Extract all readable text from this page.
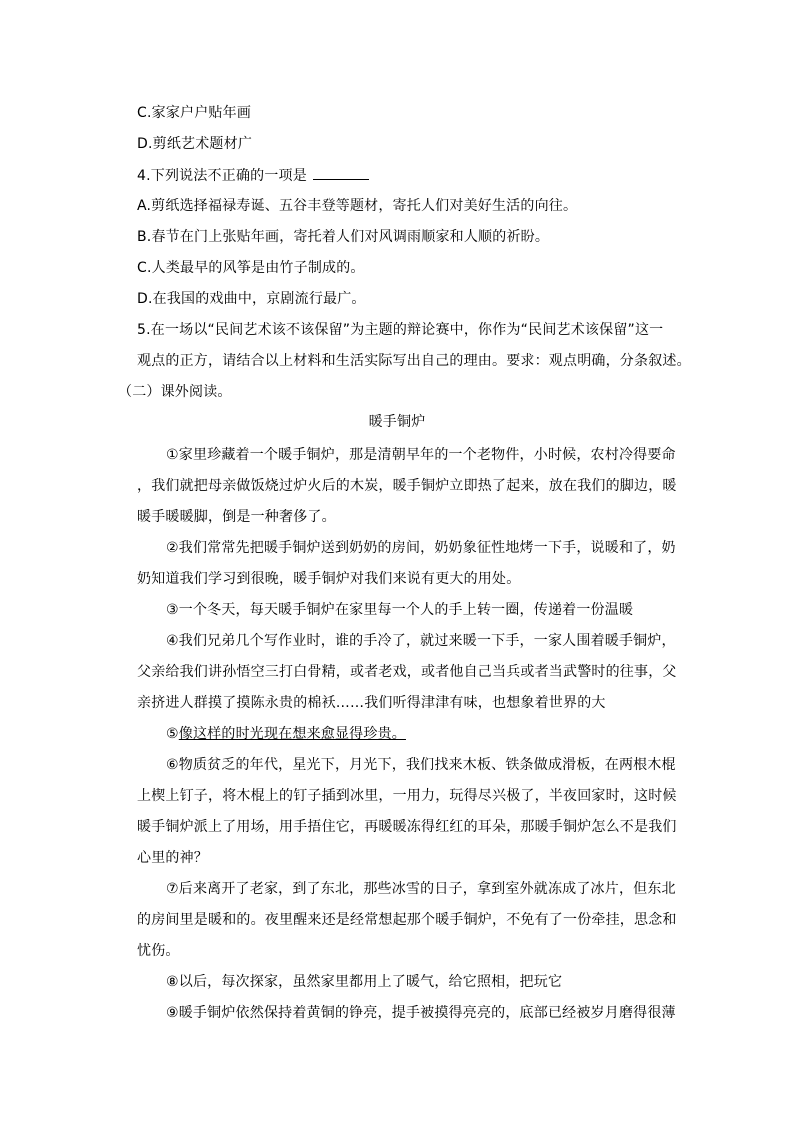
C.家家户户贴年画
D.剪纸艺术题材广
4.下列说法不正确的一项是
A.剪纸选择福禄寿诞、五谷丰登等题材，寄托人们对美好生活的向往。
B.春节在门上张贴年画，寄托着人们对风调雨顺家和人顺的祈盼。
C.人类最早的风筝是由竹子制成的。
D.在我国的戏曲中，京剧流行最广。
5.在一场以“民间艺术该不该保留”为主题的辩论赛中，你作为“民间艺术该保留”这一
观点的正方，请结合以上材料和生活实际写出自己的理由。要求：观点明确，分条叙述。
（二）课外阅读。
暖手铜炉
①家里珍藏着一个暖手铜炉，那是清朝早年的一个老物件，小时候，农村冷得要命
，我们就把母亲做饭烧过炉火后的木炭，暖手铜炉立即热了起来，放在我们的脚边，暖
暖手暖暖脚，倒是一种奢侈了。
②我们常常先把暖手铜炉送到奶奶的房间，奶奶象征性地烤一下手，说暖和了，奶
奶知道我们学习到很晚，暖手铜炉对我们来说有更大的用处。
③一个冬天，每天暖手铜炉在家里每一个人的手上转一圈，传递着一份温暖
④我们兄弟几个写作业时，谁的手冷了，就过来暖一下手，一家人围着暖手铜炉，
父亲给我们讲孙悟空三打白骨精，或者老戏，或者他自己当兵或者当武警时的往事，父
亲挤进人群摸了摸陈永贵的棉袄……我们听得津津有味，也想象着世界的大
⑤像这样的时光现在想来愈显得珍贵。
⑥物质贫乏的年代，星光下，月光下，我们找来木板、铁条做成滑板，在两根木棍
上楔上钉子，将木棍上的钉子插到冰里，一用力，玩得尽兴极了，半夜回家时，这时候
暖手铜炉派上了用场，用手捂住它，再暖暖冻得红红的耳朵，那暖手铜炉怎么不是我们
心里的神？
⑦后来离开了老家，到了东北，那些冰雪的日子，拿到室外就冻成了冰片，但东北
的房间里是暖和的。夜里醒来还是经常想起那个暖手铜炉，不免有了一份牵挂，思念和
忧伤。
⑧以后，每次探家，虽然家里都用上了暖气，给它照相，把玩它
⑨暖手铜炉依然保持着黄铜的铮亮，提手被摸得亮亮的，底部已经被岁月磨得很薄
